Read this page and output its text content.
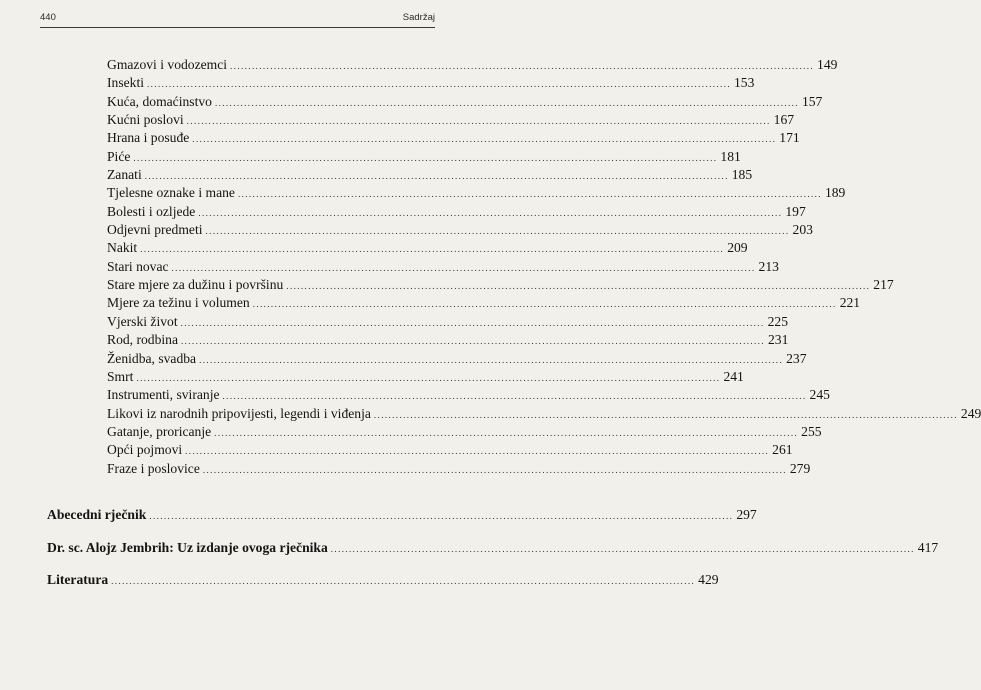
440	Sadržaj
Gmazovi i vodozemci ................................................................................................................................................................ 149
Insekti ................................................................................................................................................................ 153
Kuća, domaćinstvo ................................................................................................................................................................ 157
Kućni poslovi ................................................................................................................................................................ 167
Hrana i posuđe ................................................................................................................................................................ 171
Piće ................................................................................................................................................................ 181
Zanati ................................................................................................................................................................ 185
Tjelesne oznake i mane ................................................................................................................................................................ 189
Bolesti i ozljede ................................................................................................................................................................ 197
Odjevni predmeti ................................................................................................................................................................ 203
Nakit ................................................................................................................................................................ 209
Stari novac ................................................................................................................................................................ 213
Stare mjere za dužinu i površinu ................................................................................................................................................................ 217
Mjere za težinu i volumen ................................................................................................................................................................ 221
Vjerski život ................................................................................................................................................................ 225
Rod, rodbina ................................................................................................................................................................ 231
Ženidba, svadba ................................................................................................................................................................ 237
Smrt ................................................................................................................................................................ 241
Instrumenti, sviranje ................................................................................................................................................................ 245
Likovi iz narodnih pripovijesti, legendi i viđenja ................................................................................................................................................................ 249
Gatanje, proricanje ................................................................................................................................................................ 255
Opći pojmovi ................................................................................................................................................................ 261
Fraze i poslovice ................................................................................................................................................................ 279
Abecedni rječnik ................................................................................................................................................................ 297
Dr. sc. Alojz Jembrih: Uz izdanje ovoga rječnika ................................................................................................................................................................ 417
Literatura ................................................................................................................................................................ 429
